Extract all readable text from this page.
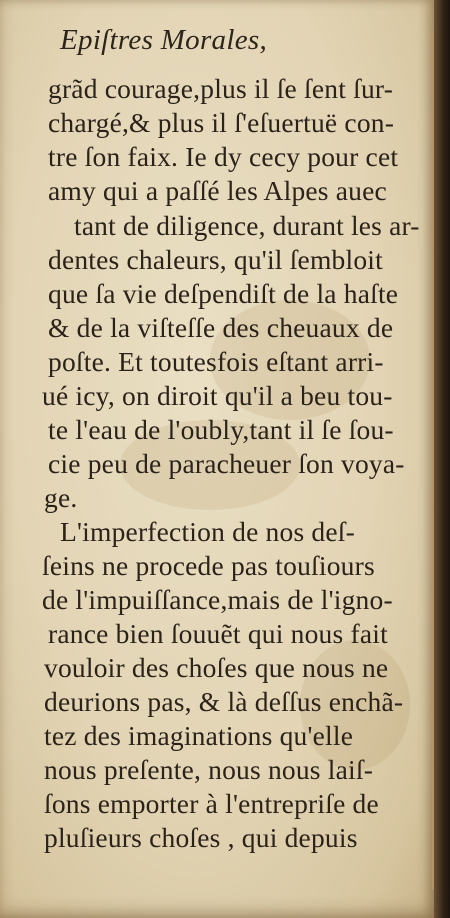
Epiſtres Morales,
grãd courage,plus il ſe ſent ſur-
chargé,& plus il ſ'eſuertuë con-
tre ſon faix. Ie dy cecy pour cet
amy qui a paſſé les Alpes auec
tant de diligence, durant les ar-
dentes chaleurs, qu'il ſembloit
que ſa vie deſpendiſt de la haſte
& de la viſteſſe des cheuaux de
poſte. Et toutesfois eſtant arri-
ué icy, on diroit qu'il a beu tou-
te l'eau de l'oubly,tant il ſe ſou-
cie peu de paracheuer ſon voya-
ge.
L'imperfection de nos deſ-
ſeins ne procede pas touſiours
de l'impuiſſance,mais de l'igno-
rance bien ſouuẽt qui nous fait
vouloir des choſes que nous ne
deurions pas, & là deſſus enchã-
tez des imaginations qu'elle
nous preſente, nous nous laiſ-
ſons emporter à l'entrepriſe de
pluſieurs choſes , qui depuis
